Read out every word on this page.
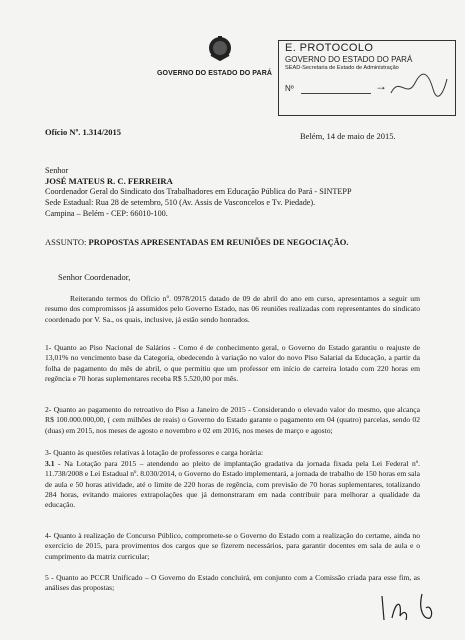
GOVERNO DO ESTADO DO PARÁ
E. PROTOCOLO
GOVERNO DO ESTADO DO PARÁ
SEAD-Secretaria de Estado de Administração
Nº	→
Ofício Nº. 1.314/2015	Belém, 14 de maio de 2015.
Senhor
JOSÉ MATEUS R. C. FERREIRA
Coordenador Geral do Sindicato dos Trabalhadores em Educação Pública do Pará - SINTEPP
Sede Estadual: Rua 28 de setembro, 510 (Av. Assis de Vasconcelos e Tv. Piedade).
Campina – Belém - CEP: 66010-100.
ASSUNTO: PROPOSTAS APRESENTADAS EM REUNIÕES DE NEGOCIAÇÃO.
Senhor Coordenador,
Reiterando termos do Ofício nº. 0978/2015 datado de 09 de abril do ano em curso, apresentamos a seguir um resumo dos compromissos já assumidos pelo Governo Estado, nas 06 reuniões realizadas com representantes do sindicato coordenado por V. Sa., os quais, inclusive, já estão sendo honrados.
1- Quanto ao Piso Nacional de Salários - Como é de conhecimento geral, o Governo do Estado garantiu o reajuste de 13,01% no vencimento base da Categoria, obedecendo à variação no valor do novo Piso Salarial da Educação, a partir da folha de pagamento do mês de abril, o que permitiu que um professor em início de carreira lotado com 220 horas em regência e 70 horas suplementares receba R$ 5.520,00 por mês.
2- Quanto ao pagamento do retroativo do Piso a Janeiro de 2015 - Considerando o elevado valor do mesmo, que alcança R$ 100.000.000,00, ( cem milhões de reais) o Governo do Estado garante o pagamento em 04 (quatro) parcelas, sendo 02 (duas) em 2015, nos meses de agosto e novembro e 02 em 2016, nos meses de março e agosto;
3- Quanto às questões relativas à lotação de professores e carga horária:
3.1 - Na Lotação para 2015 – atendendo ao pleito de implantação gradativa da jornada fixada pela Lei Federal nº. 11.738/2008 e Lei Estadual nº. 8.030/2014, o Governo do Estado implementará, a jornada de trabalho de 150 horas em sala de aula e 50 horas atividade, até o limite de 220 horas de regência, com previsão de 70 horas suplementares, totalizando 284 horas, evitando maiores extrapolações que já demonstraram em nada contribuir para melhorar a qualidade da educação.
4- Quanto à realização de Concurso Público, compromete-se o Governo do Estado com a realização do certame, ainda no exercício de 2015, para provimentos dos cargos que se fizerem necessários, para garantir docentes em sala de aula e o cumprimento da matriz curricular;
5 - Quanto ao PCCR Unificado – O Governo do Estado concluirá, em conjunto com a Comissão criada para esse fim, as análises das propostas;
